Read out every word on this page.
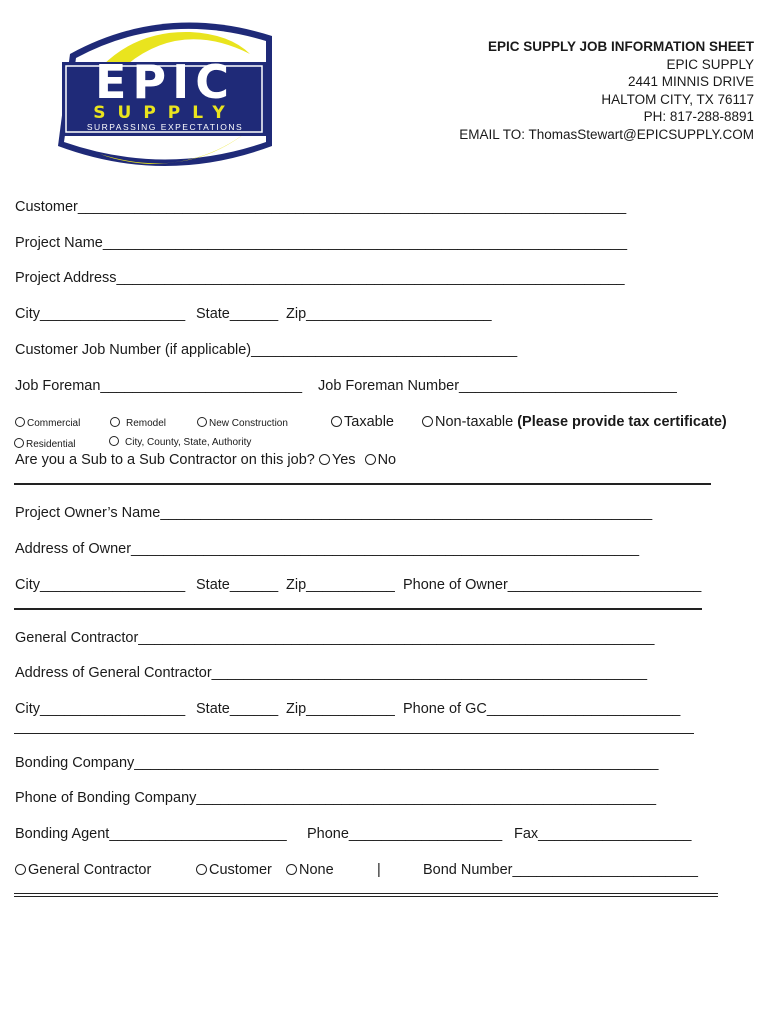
EPIC
SUPPLY
SURPASSING EXPECTATIONS
EPIC SUPPLY JOB INFORMATION SHEET
EPIC SUPPLY
2441 MINNIS DRIVE
HALTOM CITY, TX 76117
PH: 817-288-8891
EMAIL TO: ThomasStewart@EPICSUPPLY.COM
Customer____________________________________________________________________
Project Name_________________________________________________________________
Project Address_______________________________________________________________
City__________________ State______ Zip_______________________
Customer Job Number (if applicable)_________________________________
Job Foreman_________________________ Job Foreman Number___________________________
Commercial	Remodel	New Construction	Taxable	Non-taxable (Please provide tax certificate)
Residential	City, County, State, Authority
Are you a Sub to a Sub Contractor on this job? Yes No
Project Owner’s Name_____________________________________________________________
Address of Owner_______________________________________________________________
City__________________ State______ Zip___________ Phone of Owner________________________
General Contractor________________________________________________________________
Address of General Contractor______________________________________________________
City__________________ State______ Zip___________ Phone of GC________________________
Bonding Company_________________________________________________________________
Phone of Bonding Company_________________________________________________________
Bonding Agent______________________ Phone___________________ Fax___________________
General Contractor	Customer	None	|	Bond Number_______________________
